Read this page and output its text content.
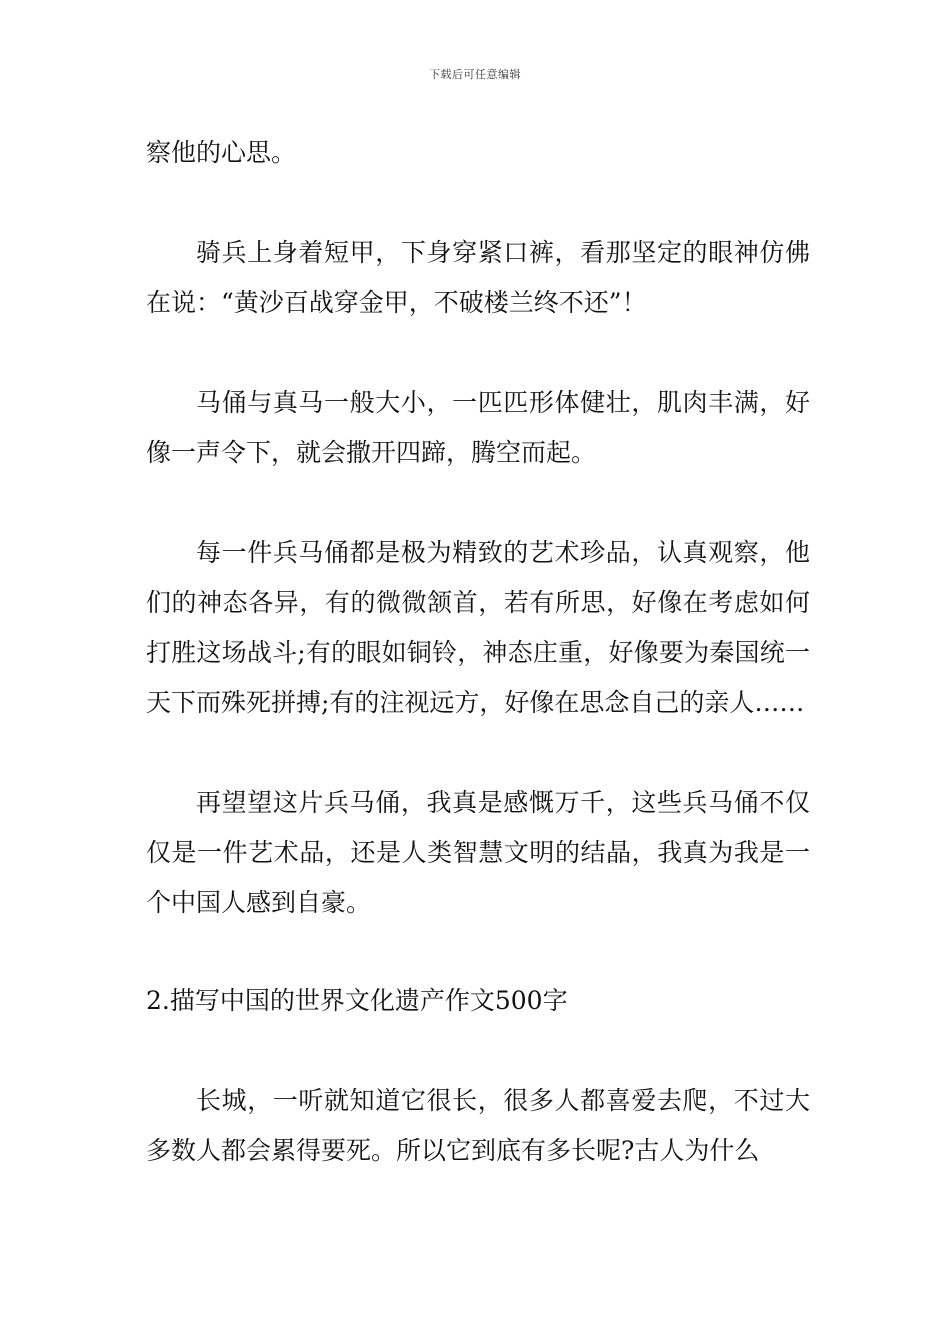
下载后可任意编辑

察他的心思。

骑兵上身着短甲，下身穿紧口裤，看那坚定的眼神仿佛在说：“黄沙百战穿金甲，不破楼兰终不还”！

马俑与真马一般大小，一匹匹形体健壮，肌肉丰满，好像一声令下，就会撒开四蹄，腾空而起。

每一件兵马俑都是极为精致的艺术珍品，认真观察，他们的神态各异，有的微微颔首，若有所思，好像在考虑如何打胜这场战斗;有的眼如铜铃，神态庄重，好像要为秦国统一天下而殊死拼搏;有的注视远方，好像在思念自己的亲人……

再望望这片兵马俑，我真是感慨万千，这些兵马俑不仅仅是一件艺术品，还是人类智慧文明的结晶，我真为我是一个中国人感到自豪。

2.描写中国的世界文化遗产作文500字

长城，一听就知道它很长，很多人都喜爱去爬，不过大多数人都会累得要死。所以它到底有多长呢?古人为什么
